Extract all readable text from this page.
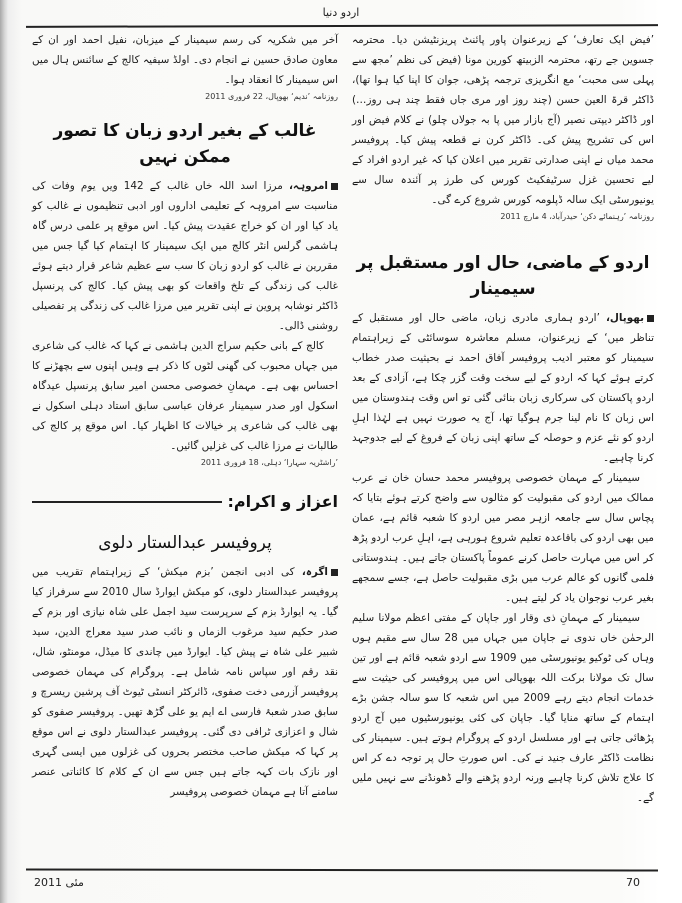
اردو دنیا

’فیض ایک تعارف‘ کے زیرعنوان پاور پائنٹ پریزنٹیشن دیا۔ محترمہ جسوین جے رتھ، محترمہ الزبیتھ کورین مونا (فیض کی نظم ’مجھ سے پہلی سی محبت‘ مع انگریزی ترجمہ پڑھی، جوان کا اپنا کیا ہوا تھا)، ڈاکٹر قرۃ العین حسن (چند روز اور مری جاں فقط چند ہی روز…) اور ڈاکٹر دیپتی نصیر (آج بازار میں پا بہ جولاں چلو) نے کلام فیض اور اس کی تشریح پیش کی۔ ڈاکٹر کرن نے قطعہ پیش کیا۔ پروفیسر محمد میاں نے اپنی صدارتی تقریر میں اعلان کیا کہ غیر اردو افراد کے لیے تحسین غزل سرٹیفکیٹ کورس کی طرز پر آئندہ سال سے یونیورسٹی ایک سالہ ڈپلومہ کورس شروع کرے گی۔

روزنامہ ’رہنمائے دکن‘ حیدرآباد، 4 مارچ 2011

اردو کے ماضی، حال اور مستقبل پر سیمینار

بھوپال، ’اردو ہماری مادری زبان، ماضی حال اور مستقبل کے تناظر میں‘ کے زیرعنوان، مسلم معاشرہ سوسائٹی کے زیراہتمام سیمینار کو معتبر ادیب پروفیسر آفاق احمد نے بحیثیت صدر خطاب کرتے ہوئے کہا کہ اردو کے لیے سخت وقت گزر چکا ہے، آزادی کے بعد اردو پاکستان کی سرکاری زبان بنائی گئی تو اس وقت ہندوستان میں اس زبان کا نام لینا جرم ہوگیا تھا، آج یہ صورت نہیں ہے لہٰذا اہلِ اردو کو نئے عزم و حوصلہ کے ساتھ اپنی زبان کے فروغ کے لیے جدوجہد کرنا چاہیے۔

سیمینار کے مہمان خصوصی پروفیسر محمد حسان خان نے عرب ممالک میں اردو کی مقبولیت کو مثالوں سے واضح کرتے ہوئے بتایا کہ پچاس سال سے جامعہ ازہر مصر میں اردو کا شعبہ قائم ہے، عمان میں بھی اردو کی باقاعدہ تعلیم شروع ہورہی ہے، اہلِ عرب اردو پڑھ کر اس میں مہارت حاصل کرنے عموماً پاکستان جاتے ہیں۔ ہندوستانی فلمی گانوں کو عالم عرب میں بڑی مقبولیت حاصل ہے، جسے سمجھے بغیر عرب نوجوان یاد کر لیتے ہیں۔

سیمینار کے مہمانِ ذی وقار اور جاپان کے مفتی اعظم مولانا سلیم الرحمٰن خاں ندوی نے جاپان میں جہاں میں 28 سال سے مقیم ہوں وہاں کی ٹوکیو یونیورسٹی میں 1909 سے اردو شعبہ قائم ہے اور تین سال تک مولانا برکت اللہ بھوپالی اس میں پروفیسر کی حیثیت سے خدمات انجام دیتے رہے 2009 میں اس شعبہ کا سو سالہ جشن بڑے اہتمام کے ساتھ منایا گیا۔ جاپان کی کئی یونیورسٹیوں میں آج اردو پڑھائی جاتی ہے اور مسلسل اردو کے پروگرام ہوتے ہیں۔ سیمینار کی نظامت ڈاکٹر عارف جنید نے کی۔ اس صورتِ حال پر توجہ دے کر اس کا علاج تلاش کرنا چاہیے ورنہ اردو پڑھنے والے ڈھونڈنے سے نہیں ملیں گے۔

آخر میں شکریہ کی رسم سیمینار کے میزبان، نفیل احمد اور ان کے معاون صادق حسین نے انجام دی۔ اولڈ سیفیہ کالج کے سائنس ہال میں اس سیمینار کا انعقاد ہوا۔

روزنامہ ’ندیم‘ بھوپال، 22 فروری 2011

غالب کے بغیر اردو زبان کا تصور ممکن نہیں

امروہہ، مرزا اسد اللہ خاں غالب کے 142 ویں یوم وفات کی مناسبت سے امروہہ کے تعلیمی اداروں اور ادبی تنظیموں نے غالب کو یاد کیا اور ان کو خراج عقیدت پیش کیا۔ اس موقع پر علمی درس گاہ ہاشمی گرلس انٹر کالج میں ایک سیمینار کا اہتمام کیا گیا جس میں مقررین نے غالب کو اردو زبان کا سب سے عظیم شاعر قرار دیتے ہوئے غالب کی زندگی کے تلخ واقعات کو بھی پیش کیا۔ کالج کی پرنسپل ڈاکٹر نوشابہ پروین نے اپنی تقریر میں مرزا غالب کی زندگی پر تفصیلی روشنی ڈالی۔

کالج کے بانی حکیم سراج الدین ہاشمی نے کہا کہ غالب کی شاعری میں جہاں محبوب کی گھنی لٹوں کا ذکر ہے وہیں اپنوں سے بچھڑنے کا احساس بھی ہے۔ مہمانِ خصوصی محسن امیر سابق پرنسپل عیدگاہ اسکول اور صدر سیمینار عرفان عباسی سابق استاد دہلی اسکول نے بھی غالب کی شاعری پر خیالات کا اظہار کیا۔ اس موقع پر کالج کی طالبات نے مرزا غالب کی غزلیں گائیں۔

’راشٹریہ سہارا‘ دہلی، 18 فروری 2011

اعزاز و اکرام:
پروفیسر عبدالستار دلوی

اگرہ، کی ادبی انجمن ’بزم میکش‘ کے زیراہتمام تقریب میں پروفیسر عبدالستار دلوی، کو میکش ایوارڈ سال 2010 سے سرفراز کیا گیا۔ یہ ایوارڈ بزم کے سرپرست سید اجمل علی شاہ نیازی اور بزم کے صدر حکیم سید مرغوب الزماں و نائب صدر سید معراج الدین، سید شبیر علی شاہ نے پیش کیا۔ ایوارڈ میں چاندی کا میڈل، مومنٹو، شال، نقد رقم اور سپاس نامہ شامل ہے۔ پروگرام کی مہمان خصوصی پروفیسر آزرمی دخت صفوی، ڈائرکٹر انسٹی ٹیوٹ آف پرشین ریسرچ و سابق صدر شعبۂ فارسی اے ایم یو علی گڑھ تھیں۔ پروفیسر صفوی کو شال و اعزازی ٹرافی دی گئی۔ پروفیسر عبدالستار دلوی نے اس موقع پر کہا کہ میکش صاحب مختصر بحروں کی غزلوں میں ایسی گہری اور نازک بات کہہ جاتے ہیں جس سے ان کے کلام کا کائناتی عنصر سامنے آتا ہے مہمان خصوصی پروفیسر

مئی 2011	70
